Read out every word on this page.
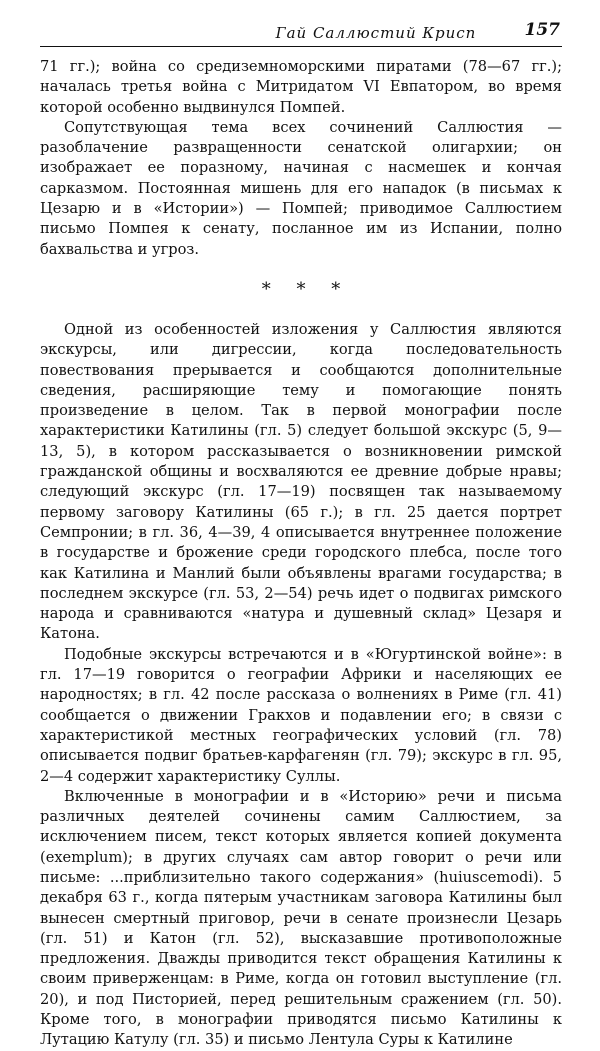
Гай Саллюстий Крисп	157

71 гг.); война со средиземноморскими пиратами (78—67 гг.); началась третья война с Митридатом VI Евпатором, во время которой особенно выдвинулся Помпей.

Сопутствующая тема всех сочинений Саллюстия — разоблачение развращенности сенатской олигархии; он изображает ее поразному, начиная с насмешек и кончая сарказмом. Постоянная мишень для его нападок (в письмах к Цезарю и в «Истории») — Помпей; приводимое Саллюстием письмо Помпея к сенату, посланное им из Испании, полно бахвальства и угроз.

* * *

Одной из особенностей изложения у Саллюстия являются экскурсы, или дигрессии, когда последовательность повествования прерывается и сообщаются дополнительные сведения, расширяющие тему и помогающие понять произведение в целом. Так в первой монографии после характеристики Катилины (гл. 5) следует большой экскурс (5, 9—13, 5), в котором рассказывается о возникновении римской гражданской общины и восхваляются ее древние добрые нравы; следующий экскурс (гл. 17—19) посвящен так называемому первому заговору Катилины (65 г.); в гл. 25 дается портрет Семпронии; в гл. 36, 4—39, 4 описывается внутреннее положение в государстве и брожение среди городского плебса, после того как Катилина и Манлий были объявлены врагами государства; в последнем экскурсе (гл. 53, 2—54) речь идет о подвигах римского народа и сравниваются «натура и душевный склад» Цезаря и Катона.

Подобные экскурсы встречаются и в «Югуртинской войне»: в гл. 17—19 говорится о географии Африки и населяющих ее народностях; в гл. 42 после рассказа о волнениях в Риме (гл. 41) сообщается о движении Гракхов и подавлении его; в связи с характеристикой местных географических условий (гл. 78) описывается подвиг братьев-карфагенян (гл. 79); экскурс в гл. 95, 2—4 содержит характеристику Суллы.

Включенные в монографии и в «Историю» речи и письма различных деятелей сочинены самим Саллюстием, за исключением писем, текст которых является копией документа (exemplum); в других случаях сам автор говорит о речи или письме: ...приблизительно такого содержания» (huiuscemodi). 5 декабря 63 г., когда пятерым участникам заговора Катилины был вынесен смертный приговор, речи в сенате произнесли Цезарь (гл. 51) и Катон (гл. 52), высказавшие противоположные предложения. Дважды приводится текст обращения Катилины к своим приверженцам: в Риме, когда он готовил выступление (гл. 20), и под Писторией, перед решительным сражением (гл. 50). Кроме того, в монографии приводятся письмо Катилины к Лутацию Катулу (гл. 35) и письмо Лентула Суры к Катилине
